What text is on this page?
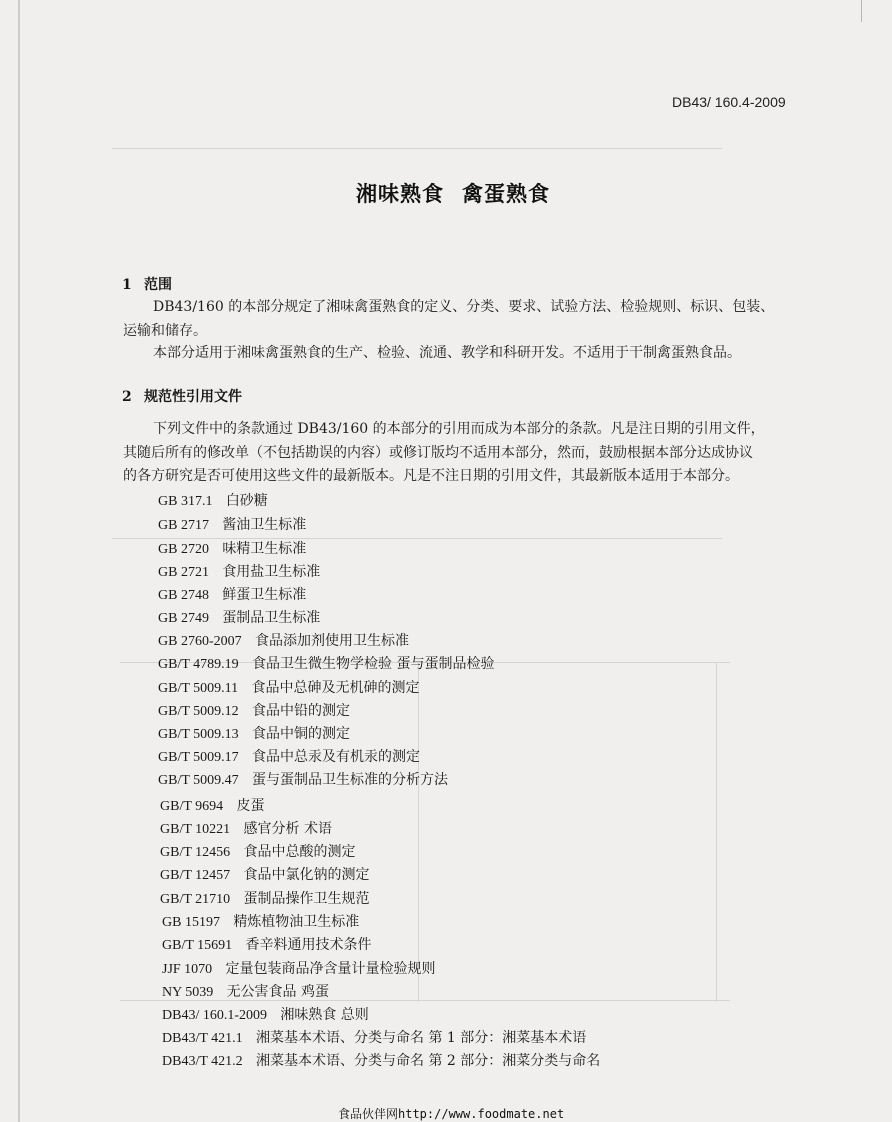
DB43/ 160.4-2009
湘味熟食 禽蛋熟食
1 范围
DB43/160 的本部分规定了湘味禽蛋熟食的定义、分类、要求、试验方法、检验规则、标识、包装、
运输和储存。
本部分适用于湘味禽蛋熟食的生产、检验、流通、教学和科研开发。不适用于干制禽蛋熟食品。
2 规范性引用文件
下列文件中的条款通过 DB43/160 的本部分的引用而成为本部分的条款。凡是注日期的引用文件，
其随后所有的修改单（不包括勘误的内容）或修订版均不适用本部分，然而，鼓励根据本部分达成协议
的各方研究是否可使用这些文件的最新版本。凡是不注日期的引用文件，其最新版本适用于本部分。
GB 317.1 白砂糖
GB 2717 酱油卫生标准
GB 2720 味精卫生标准
GB 2721 食用盐卫生标准
GB 2748 鲜蛋卫生标准
GB 2749 蛋制品卫生标准
GB 2760-2007 食品添加剂使用卫生标准
GB/T 4789.19 食品卫生微生物学检验 蛋与蛋制品检验
GB/T 5009.11 食品中总砷及无机砷的测定
GB/T 5009.12 食品中铅的测定
GB/T 5009.13 食品中铜的测定
GB/T 5009.17 食品中总汞及有机汞的测定
GB/T 5009.47 蛋与蛋制品卫生标准的分析方法
GB/T 9694 皮蛋
GB/T 10221 感官分析 术语
GB/T 12456 食品中总酸的测定
GB/T 12457 食品中氯化钠的测定
GB/T 21710 蛋制品操作卫生规范
GB 15197 精炼植物油卫生标准
GB/T 15691 香辛料通用技术条件
JJF 1070 定量包装商品净含量计量检验规则
NY 5039 无公害食品 鸡蛋
DB43/ 160.1-2009 湘味熟食 总则
DB43/T 421.1 湘菜基本术语、分类与命名 第 1 部分：湘菜基本术语
DB43/T 421.2 湘菜基本术语、分类与命名 第 2 部分：湘菜分类与命名
食品伙伴网http://www.foodmate.net
